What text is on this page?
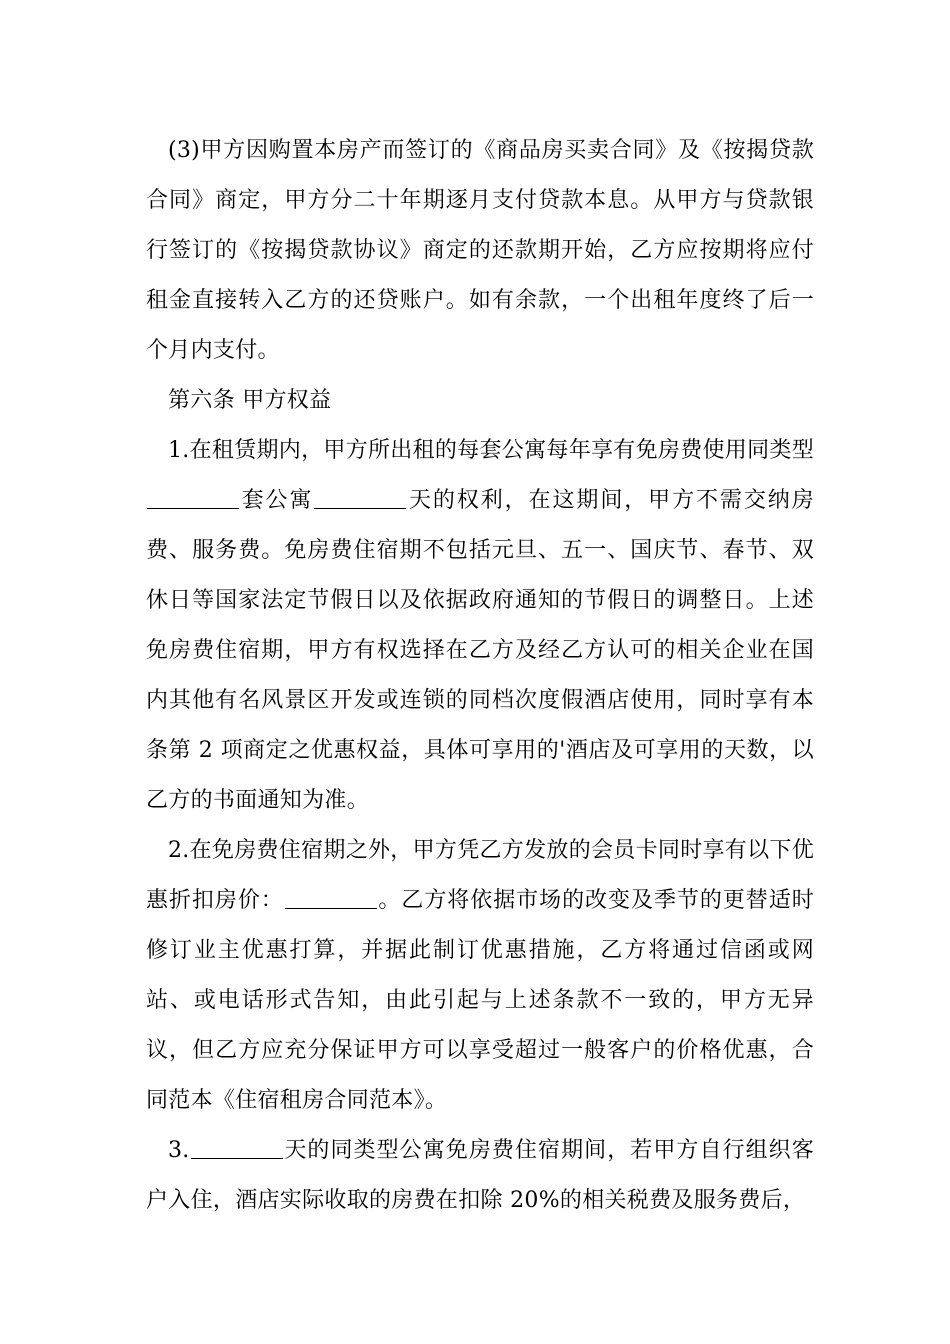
(3)甲方因购置本房产而签订的《商品房买卖合同》及《按揭贷款合同》商定，甲方分二十年期逐月支付贷款本息。从甲方与贷款银行签订的《按揭贷款协议》商定的还款期开始，乙方应按期将应付租金直接转入乙方的还贷账户。如有余款，一个出租年度终了后一个月内支付。

第六条 甲方权益

1.在租赁期内，甲方所出租的每套公寓每年享有免房费使用同类型套公寓	天的权利，在这期间，甲方不需交纳房费、服务费。免房费住宿期不包括元旦、五一、国庆节、春节、双休日等国家法定节假日以及依据政府通知的节假日的调整日。上述免房费住宿期，甲方有权选择在乙方及经乙方认可的相关企业在国内其他有名风景区开发或连锁的同档次度假酒店使用，同时享有本条第 2 项商定之优惠权益，具体可享用的'酒店及可享用的天数，以乙方的书面通知为准。

2.在免房费住宿期之外，甲方凭乙方发放的会员卡同时享有以下优惠折扣房价：	。乙方将依据市场的改变及季节的更替适时修订业主优惠打算，并据此制订优惠措施，乙方将通过信函或网站、或电话形式告知，由此引起与上述条款不一致的，甲方无异议，但乙方应充分保证甲方可以享受超过一般客户的价格优惠，合同范本《住宿租房合同范本》。

3.	天的同类型公寓免房费住宿期间，若甲方自行组织客户入住，酒店实际收取的房费在扣除 20%的相关税费及服务费后，
